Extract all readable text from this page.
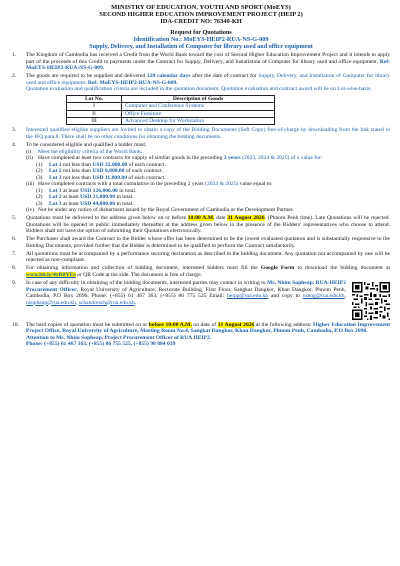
MINISTRY OF EDUCATION, YOUTH AND SPORT (MoEYS)
SECOND HIGHER EDUCATION IMPROVEMENT PROJECT (HEIP 2)
IDA-CREDIT NO: 76340-KH
Request for Quotations
Identification No.: MoEYS-HEIP2-RUA-NS-G-009
Supply, Delivery, and Installation of Computer for library used and office equipment
1.	The Kingdom of Cambodia has received a Credit from the World Bank toward the cost of Second Higher Education Improvement Project and it intends to apply part of the proceeds of this Credit to payments under the Contract for Supply, Delivery, and Installation of Computer for library used and office equipment. Ref: MoEYS-HEIP2-RUA-NS-G-009.
2.	The goods are required to be supplied and delivered 120 calendar days after the date of contract for Supply, Delivery, and Installation of Computer for library used and office equipment. Ref: MoEYS-HEIP2-RUA-NS-G-009.
Quotation evaluation and qualification criteria are included in the quotation document. Quotation evaluation and contract award will be on Lot-wise-basis.
Lot No.	Description of Goods
I	Computer and Conference Systems
II	Office Furniture
III	Advanced Desktop for Workstation
3.	Interested qualified eligible suppliers are invited to obtain a copy of the Bidding Documents (Soft Copy) free-of-charge by downloading from the link stated in the IFQ para 8. There shall be no other conditions for obtaining the bidding documents.
4.	To be considered eligible and qualified a bidder must:
(i)	Meet the eligibility criteria of the World Bank.
(ii) Have completed at least two contracts for supply of similar goods in the preceding 3 years (2023, 2024 & 2025) of a value for:
(1)	Lot 1 not less than USD 32,000.00 of each contract.
(2)	Lot 2 not less than USD 8,000.00 of each contract.
(3)	Lot 3 not less than USD 11,000.00 of each contract.
(iii) Have completed contracts with a total cumulative in the preceding 2 years (2024 & 2025) value equal to:
(1)	Lot 1 at least USD 126,000.00 in total.
(2)	Lot 2 at least USD 31,000.00 in total.
(3)	Lot 3 at least USD 44,000.00 in total.
(iv) Not be under any notice of disbarment issued by the Royal Government of Cambodia or the Development Partner.
5.	Quotations must be delivered to the address given below on or before 10:00 A.M. date 31 August 2026. (Phnom Penh time). Late Quotations will be rejected. Quotations will be opened in public immediately thereafter at the address given below in the presence of the Bidders' representatives who choose to attend. Bidders shall not have the option of submitting their Quotations electronically.
6.	The Purchaser shall award the Contract to the Bidder whose offer has been determined to be the lowest evaluated quotation and is substantially responsive to the Bidding Documents, provided further that the Bidder is determined to be qualified to perform the Contract satisfactorily.
7.	All quotations must be accompanied by a performance securing declaration as described in the bidding document. Any quotation not accompanied by one will be rejected as non-compliant.
8.	For obtaining information and collection of bidding document, interested bidders must fill the Google Form to download the bidding document at www.bit.ly/4yR8YEe or QR Code at the side. The document is free of charge.
9.	In case of any difficulty in obtaining of the bidding documents, interested parties may contact in writing to Ms. Nhim Sopheap, RUA-HEIP2 Procurement Officer, Royal University of Agriculture, Rectorate Building, First Floor, Sangkat Dangkor, Khan Dangkor, Phnom Penh, Cambodia, P.O Box 2696; Phone: (+855) 61 467 363, (+855) 86 775 525 Email: heipp@rua.edu.kh and copy to nseng@rua.edu.kh, nsopheap@rua.edu.kh, schandresch@rua.edu.kh.
10.	The hard copies of quotation must be submitted on or before 10:00 A.M. on date of 31 August 2026 at the following address: Higher Education Improvement Project Office, Royal University of Agriculture, Meeting Room No.4, Sangkat Dangkor, Khan Dangkor, Phnom Penh, Cambodia, P.O Box 2696.
Attention to Ms. Nhim Sopheap, Project Procurement Officer of RUA HEIP2.
Phone: (+855) 61 467 363, (+855) 86 755 525, (+855) 98 884 039
